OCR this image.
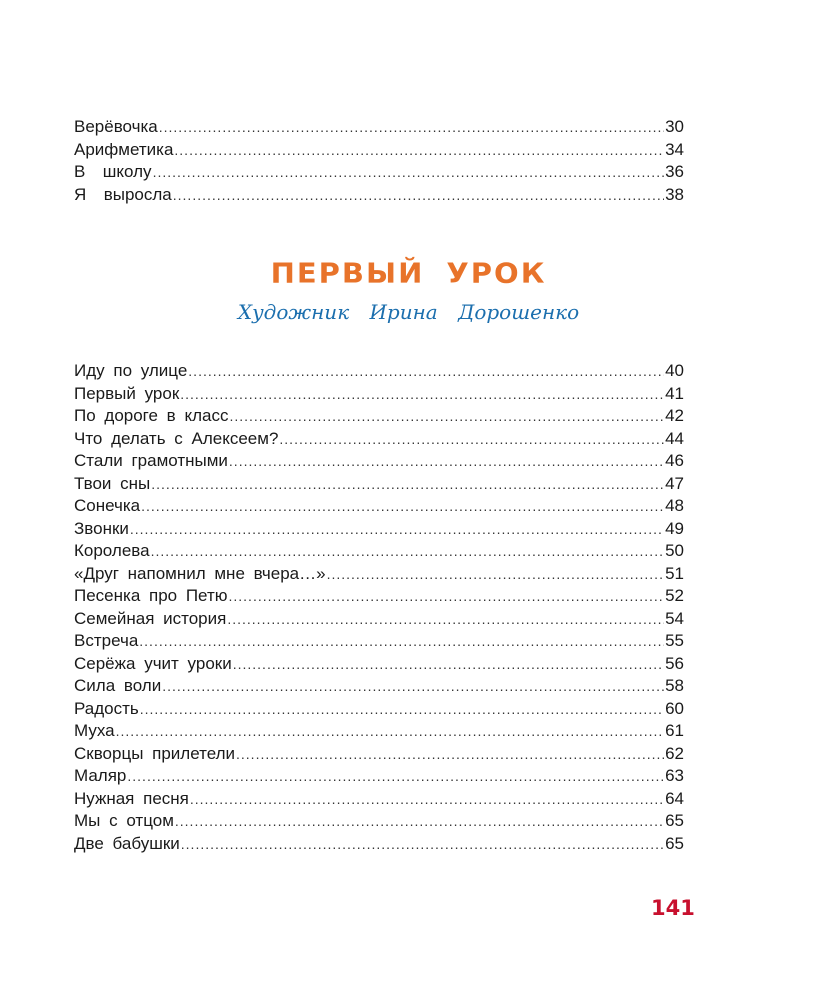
Верёвочка .....	30
Арифметика .....	34
В  школу .....	36
Я  выросла .....	38
ПЕРВЫЙ УРОК
Художник Ирина Дорошенко
Иду по улице .....	40
Первый урок .....	41
По дороге в класс .....	42
Что делать с Алексеем? .....	44
Стали грамотными .....	46
Твои сны .....	47
Сонечка .....	48
Звонки .....	49
Королева .....	50
«Друг напомнил мне вчера…» .....	51
Песенка про Петю .....	52
Семейная история .....	54
Встреча .....	55
Серёжа учит уроки .....	56
Сила воли .....	58
Радость .....	60
Муха .....	61
Скворцы прилетели .....	62
Маляр .....	63
Нужная песня .....	64
Мы с отцом .....	65
Две бабушки .....	65
141
